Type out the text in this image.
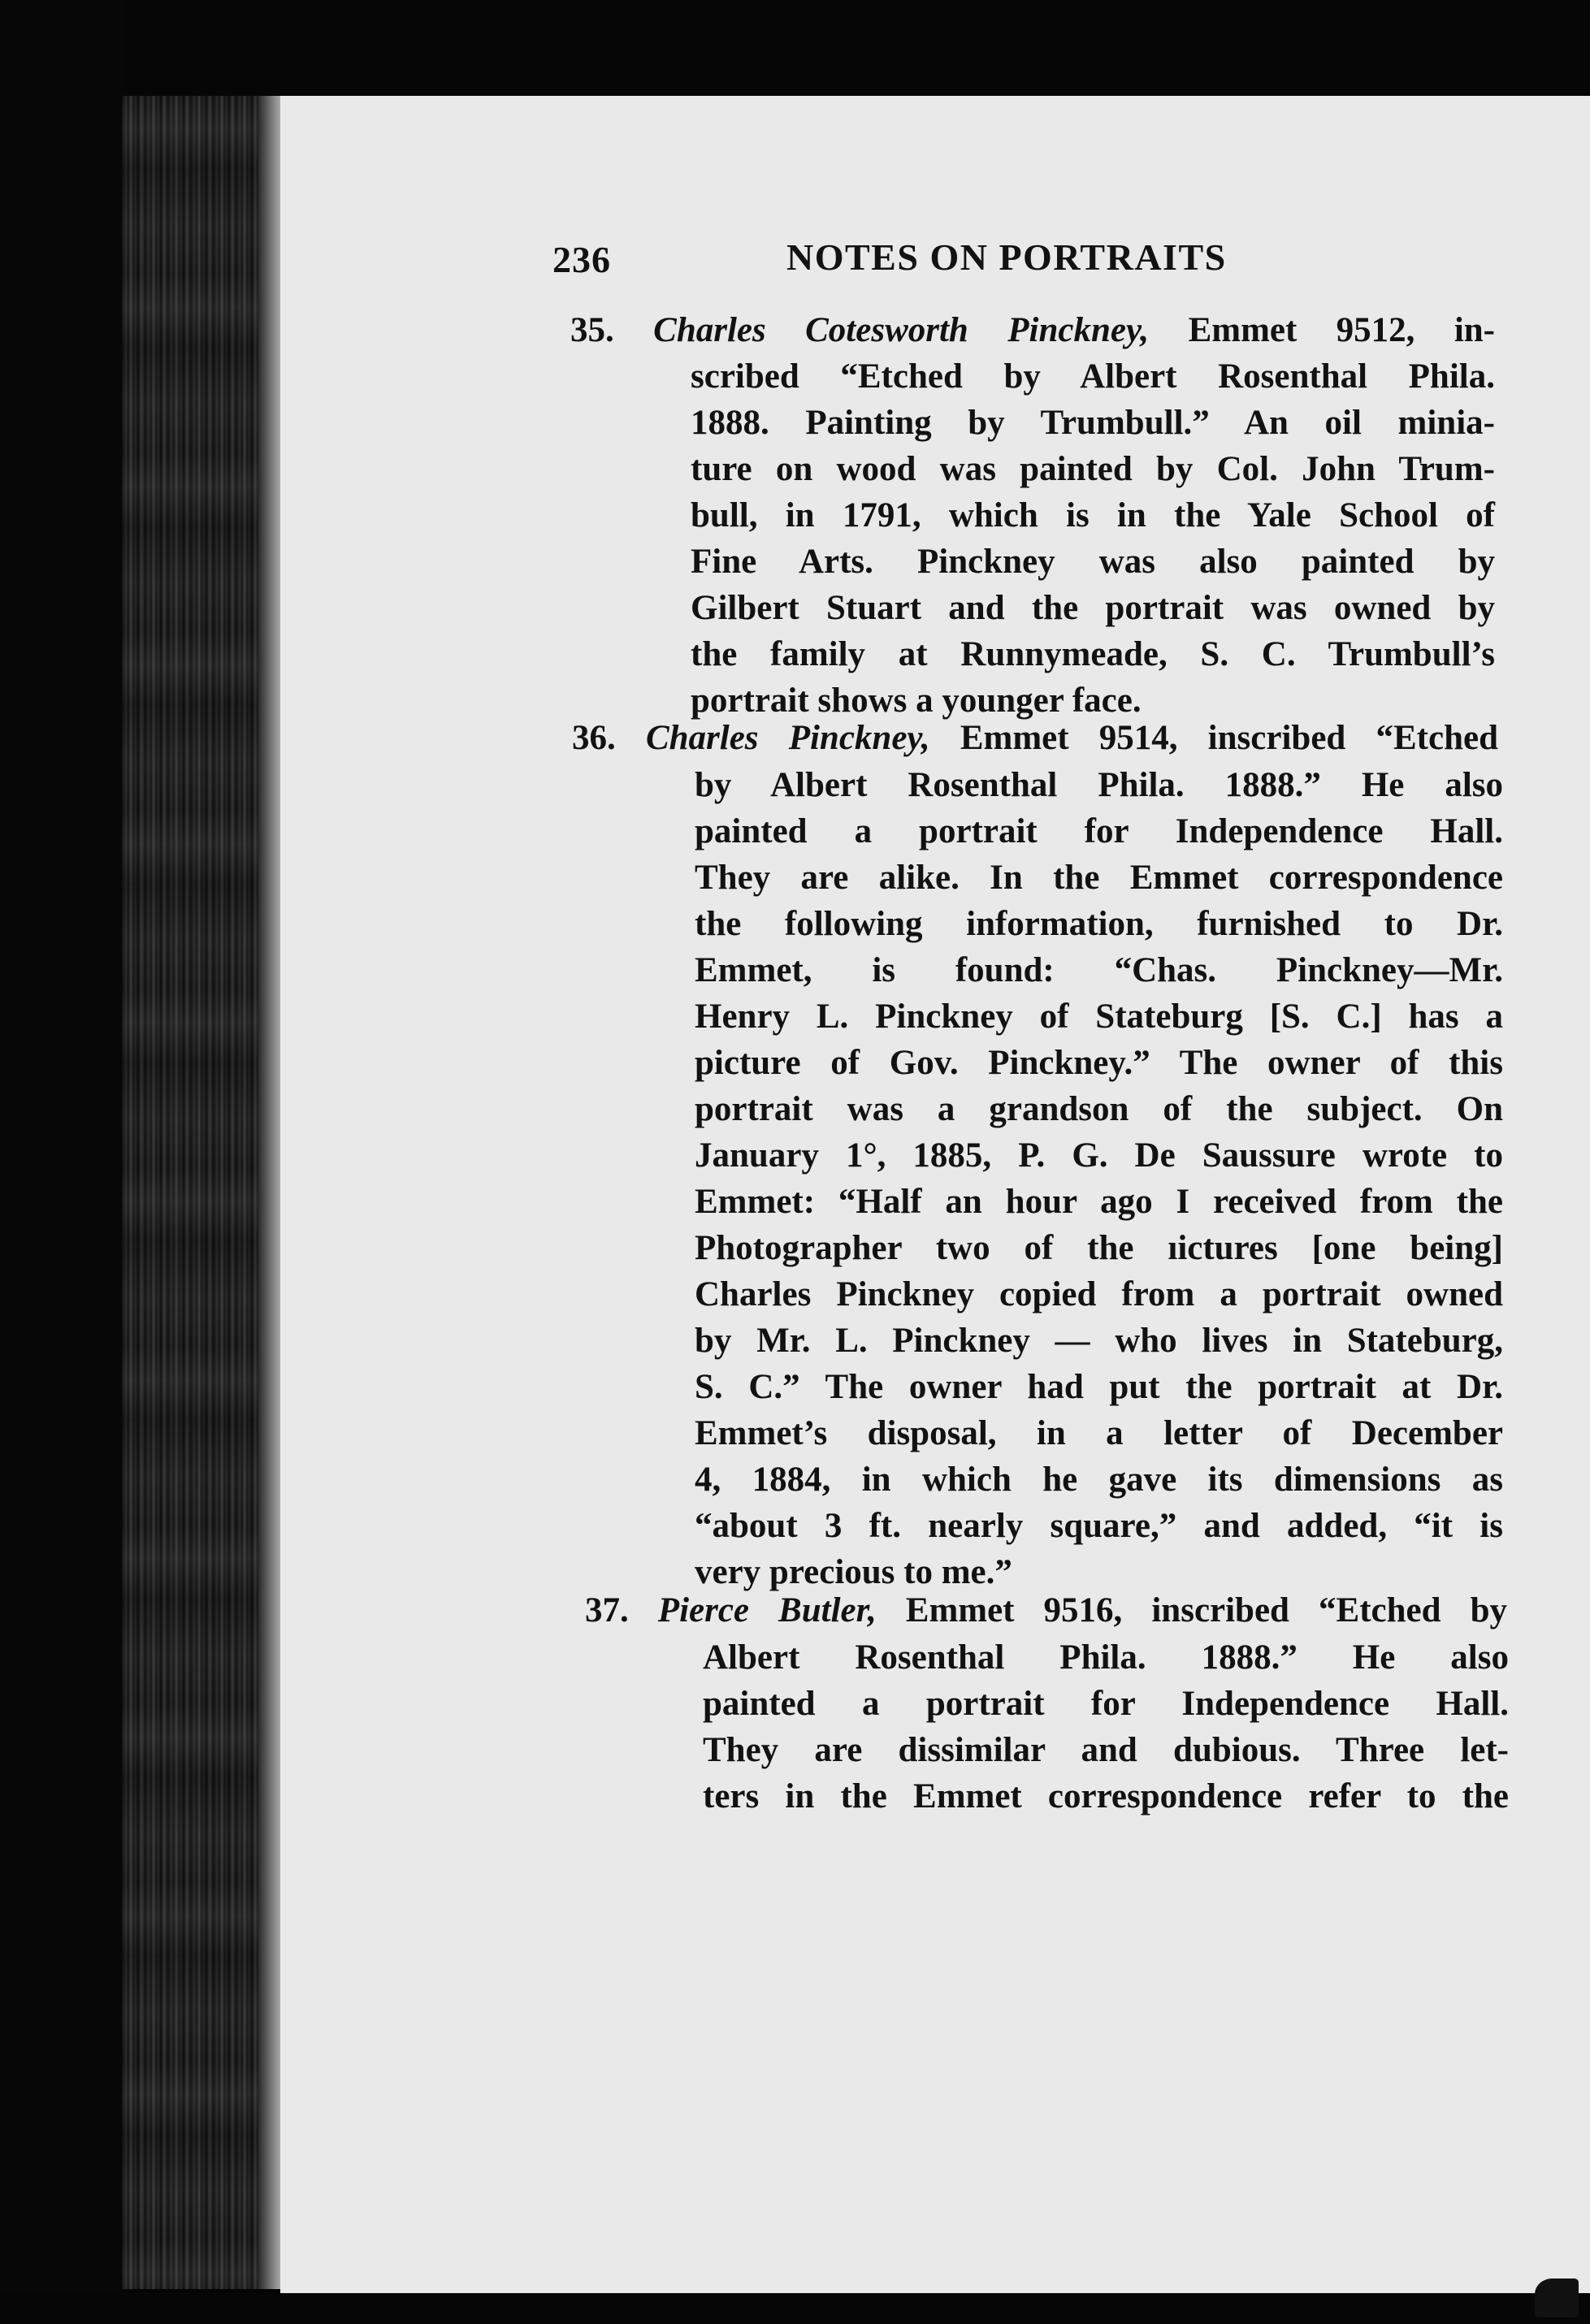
236	NOTES ON PORTRAITS
35. Charles Cotesworth Pinckney, Emmet 9512, in-
scribed “Etched by Albert Rosenthal Phila.
1888. Painting by Trumbull.” An oil minia-
ture on wood was painted by Col. John Trum-
bull, in 1791, which is in the Yale School of
Fine Arts. Pinckney was also painted by
Gilbert Stuart and the portrait was owned by
the family at Runnymeade, S. C. Trumbull’s
portrait shows a younger face.
36. Charles Pinckney, Emmet 9514, inscribed “Etched
by Albert Rosenthal Phila. 1888.” He also
painted a portrait for Independence Hall.
They are alike. In the Emmet correspondence
the following information, furnished to Dr.
Emmet, is found: “Chas. Pinckney—Mr.
Henry L. Pinckney of Stateburg [S. C.] has a
picture of Gov. Pinckney.” The owner of this
portrait was a grandson of the subject. On
January 1°, 1885, P. G. De Saussure wrote to
Emmet: “Half an hour ago I received from the
Photographer two of the ıictures [one being]
Charles Pinckney copied from a portrait owned
by Mr. L. Pinckney — who lives in Stateburg,
S. C.” The owner had put the portrait at Dr.
Emmet’s disposal, in a letter of December
4, 1884, in which he gave its dimensions as
“about 3 ft. nearly square,” and added, “it is
very precious to me.”
37. Pierce Butler, Emmet 9516, inscribed “Etched by
Albert Rosenthal Phila. 1888.” He also
painted a portrait for Independence Hall.
They are dissimilar and dubious. Three let-
ters in the Emmet correspondence refer to the
